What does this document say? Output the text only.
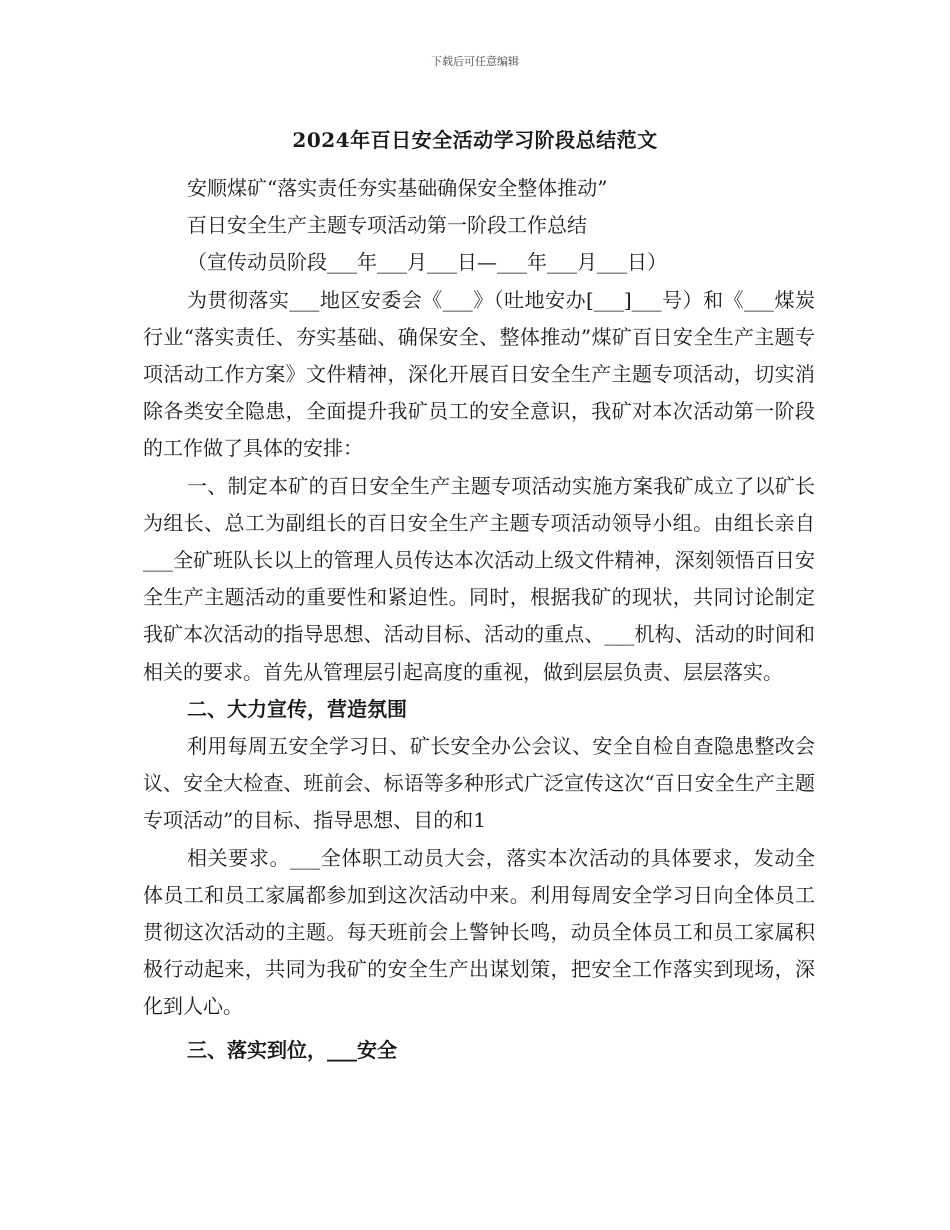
下载后可任意编辑
2024年百日安全活动学习阶段总结范文

安顺煤矿“落实责任夯实基础确保安全整体推动”

百日安全生产主题专项活动第一阶段工作总结

（宣传动员阶段___年___月___日—___年___月___日）

为贯彻落实___地区安委会《___》（吐地安办[___]___号）和《___煤炭行业“落实责任、夯实基础、确保安全、整体推动”煤矿百日安全生产主题专项活动工作方案》文件精神，深化开展百日安全生产主题专项活动，切实消除各类安全隐患，全面提升我矿员工的安全意识，我矿对本次活动第一阶段的工作做了具体的安排：

一、制定本矿的百日安全生产主题专项活动实施方案我矿成立了以矿长为组长、总工为副组长的百日安全生产主题专项活动领导小组。由组长亲自___全矿班队长以上的管理人员传达本次活动上级文件精神，深刻领悟百日安全生产主题活动的重要性和紧迫性。同时，根据我矿的现状，共同讨论制定我矿本次活动的指导思想、活动目标、活动的重点、___机构、活动的时间和相关的要求。首先从管理层引起高度的重视，做到层层负责、层层落实。

二、大力宣传，营造氛围

利用每周五安全学习日、矿长安全办公会议、安全自检自查隐患整改会议、安全大检查、班前会、标语等多种形式广泛宣传这次“百日安全生产主题专项活动”的目标、指导思想、目的和1

相关要求。___全体职工动员大会，落实本次活动的具体要求，发动全体员工和员工家属都参加到这次活动中来。利用每周安全学习日向全体员工贯彻这次活动的主题。每天班前会上警钟长鸣，动员全体员工和员工家属积极行动起来，共同为我矿的安全生产出谋划策，把安全工作落实到现场，深化到人心。

三、落实到位，___安全
